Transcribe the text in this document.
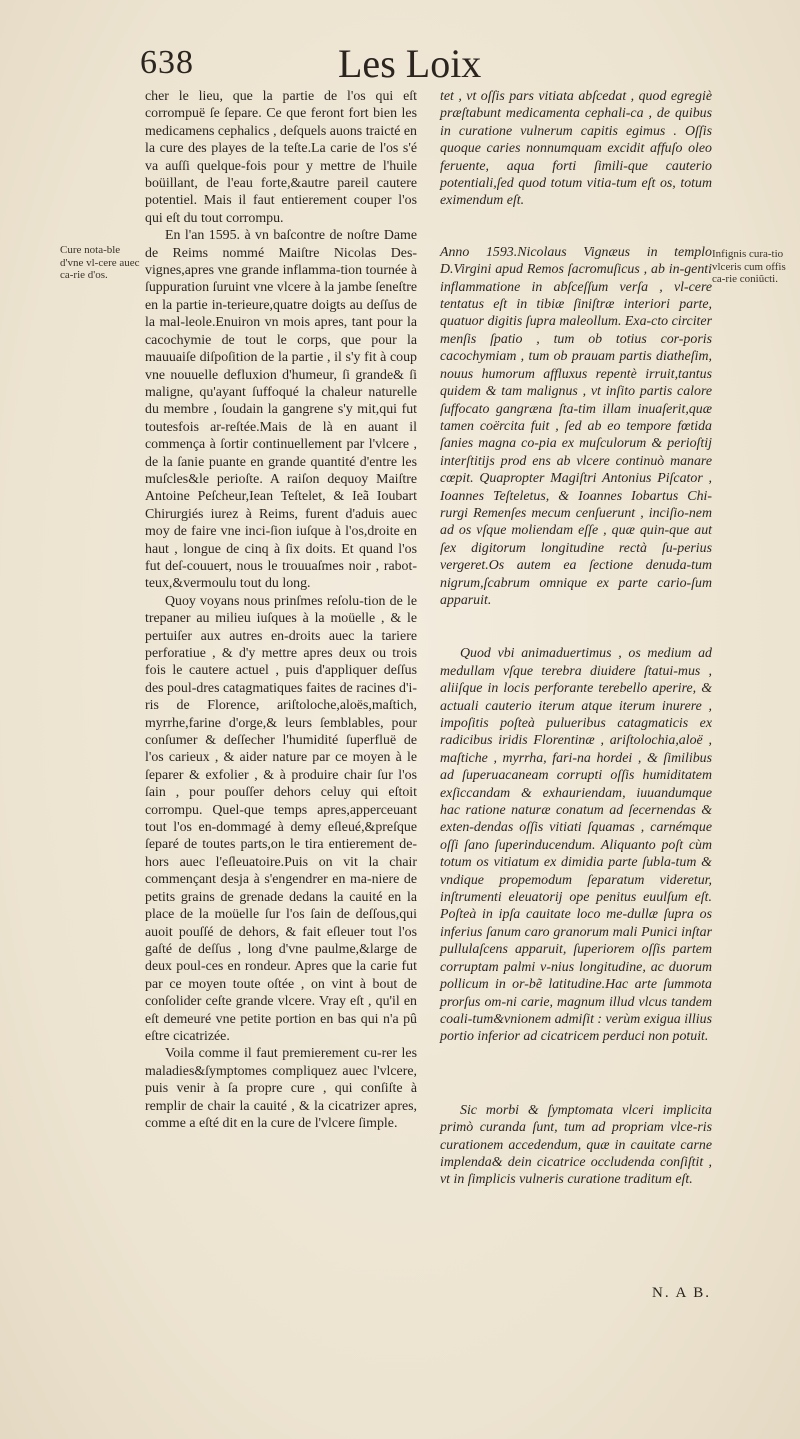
638	Les Loix
Cure nota-ble d'vne vl-cere auec ca-rie d'os.
Infignis cura-tio vlceris cum offis ca-rie coniũcti.

cher le lieu, que la partie de l'os qui eſt corrompuë ſe ſepare. Ce que feront fort bien les medicamens cephalics , deſquels auons traicté en la cure des playes de la teſte.La carie de l'os s'é va auſſi quelque-fois pour y mettre de l'huile boüillant, de l'eau forte,&autre pareil cautere potentiel. Mais il faut entierement couper l'os qui eſt du tout corrompu.

En l'an 1595. à vn baſcontre de noſtre Dame de Reims nommé Maiſtre Nicolas Des-vignes,apres vne grande inflamma-tion tournée à ſuppuration ſuruint vne vlcere à la jambe ſeneſtre en la partie in-terieure,quatre doigts au deſſus de la mal-leole.Enuiron vn mois apres, tant pour la cacochymie de tout le corps, que pour la mauuaiſe diſpoſition de la partie , il s'y fit à coup vne nouuelle defluxion d'humeur, ſi grande& ſi maligne, qu'ayant ſuffoqué la chaleur naturelle du membre , ſoudain la gangrene s'y mit,qui fut toutesfois ar-reſtée.Mais de là en auant il commença à ſortir continuellement par l'vlcere , de la ſanie puante en grande quantité d'entre les muſcles&le perioſte. A raiſon dequoy Maiſtre Antoine Peſcheur,Iean Teſtelet, & Ieã Ioubart Chirurgiés iurez à Reims, furent d'aduis auec moy de faire vne inci-ſion iuſque à l'os,droite en haut , longue de cinq à ſix doits. Et quand l'os fut deſ-couuert, nous le trouuaſmes noir , rabot-teux,&vermoulu tout du long.

Quoy voyans nous prinſmes reſolu-tion de le trepaner au milieu iuſques à la moüelle , & le pertuiſer aux autres en-droits auec la tariere perforatiue , & d'y mettre apres deux ou trois fois le cautere actuel , puis d'appliquer deſſus des poul-dres catagmatiques faites de racines d'i-ris de Florence, ariſtoloche,aloës,maſtich, myrrhe,farine d'orge,& leurs ſemblables, pour conſumer & deſſecher l'humidité ſuperfluë de l'os carieux , & aider nature par ce moyen à le ſeparer & exfolier , & à produire chair ſur l'os ſain , pour pouſſer dehors celuy qui eſtoit corrompu. Quel-que temps apres,apperceuant tout l'os en-dommagé à demy eſleué,&preſque ſeparé de toutes parts,on le tira entierement de-hors auec l'eſleuatoire.Puis on vit la chair commençant desja à s'engendrer en ma-niere de petits grains de grenade dedans la cauité en la place de la moüelle ſur l'os ſain de deſſous,qui auoit pouſſé de dehors, & fait eſleuer tout l'os gaſté de deſſus , long d'vne paulme,&large de deux poul-ces en rondeur. Apres que la carie fut par ce moyen toute oſtée , on vint à bout de conſolider ceſte grande vlcere. Vray eſt , qu'il en eſt demeuré vne petite portion en bas qui n'a pû eſtre cicatrizée.

Voila comme il faut premierement cu-rer les maladies&ſymptomes compliquez auec l'vlcere, puis venir à ſa propre cure , qui conſiſte à remplir de chair la cauité , & la cicatrizer apres, comme a eſté dit en la cure de l'vlcere ſimple.

tet , vt oſſis pars vitiata abſcedat , quod egregiè præſtabunt medicamenta cephali-ca , de quibus in curatione vulnerum capitis egimus . Oſſis quoque caries nonnumquam excidit affuſo oleo feruente, aqua forti ſimili-que cauterio potentiali,ſed quod totum vitia-tum eſt os, totum eximendum eſt.

Anno 1593.Nicolaus Vignæus in templo D.Virgini apud Remos ſacromuſicus , ab in-genti inflammatione in abſceſſum verſa , vl-cere tentatus eſt in tibiæ ſiniſtræ interiori parte, quatuor digitis ſupra maleollum. Exa-cto circiter menſis ſpatio , tum ob totius cor-poris cacochymiam , tum ob prauam partis diatheſim, nouus humorum affluxus repentè irruit,tantus quidem & tam malignus , vt inſito partis calore ſuffocato gangræna ſta-tim illam inuaſerit,quæ tamen coërcita fuit , ſed ab eo tempore fœtida ſanies magna co-pia ex muſculorum & perioſtij interſtitijs prod ens ab vlcere continuò manare cœpit. Quapropter Magiſtri Antonius Piſcator , Ioannes Teſteletus, & Ioannes Iobartus Chi-rurgi Remenſes mecum cenſuerunt , inciſio-nem ad os vſque moliendam eſſe , quæ quin-que aut ſex digitorum longitudine rectà ſu-perius vergeret.Os autem ea ſectione denuda-tum nigrum,ſcabrum omnique ex parte cario-ſum apparuit.

Quod vbi animaduertimus , os medium ad medullam vſque terebra diuidere ſtatui-mus , aliiſque in locis perforante terebello aperire, & actuali cauterio iterum atque iterum inurere , impoſitis poſteà pulueribus catagmaticis ex radicibus iridis Florentinæ , ariſtolochia,aloë , maſtiche , myrrha, fari-na hordei , & ſimilibus ad ſuperuacaneam corrupti oſſis humiditatem exſiccandam & exhauriendam, iuuandumque hac ratione naturæ conatum ad ſecernendas & exten-dendas oſſis vitiati ſquamas , carnémque oſſi ſano ſuperinducendum. Aliquanto poſt cùm totum os vitiatum ex dimidia parte ſubla-tum & vndique propemodum ſeparatum videretur, inſtrumenti eleuatorij ope penitus euulſum eſt. Poſteà in ipſa cauitate loco me-dullæ ſupra os inferius ſanum caro granorum mali Punici inſtar pullulaſcens apparuit, ſuperiorem oſſis partem corruptam palmi v-nius longitudine, ac duorum pollicum in or-bẽ latitudine.Hac arte ſummota prorſus om-ni carie, magnum illud vlcus tandem coali-tum&vnionem admiſit : verùm exigua illius portio inferior ad cicatricem perduci non potuit.

Sic morbi & ſymptomata vlceri implicita primò curanda ſunt, tum ad propriam vlce-ris curationem accedendum, quæ in cauitate carne implenda& dein cicatrice occludenda conſiſtit , vt in ſimplicis vulneris curatione traditum eſt.

N. A B.
